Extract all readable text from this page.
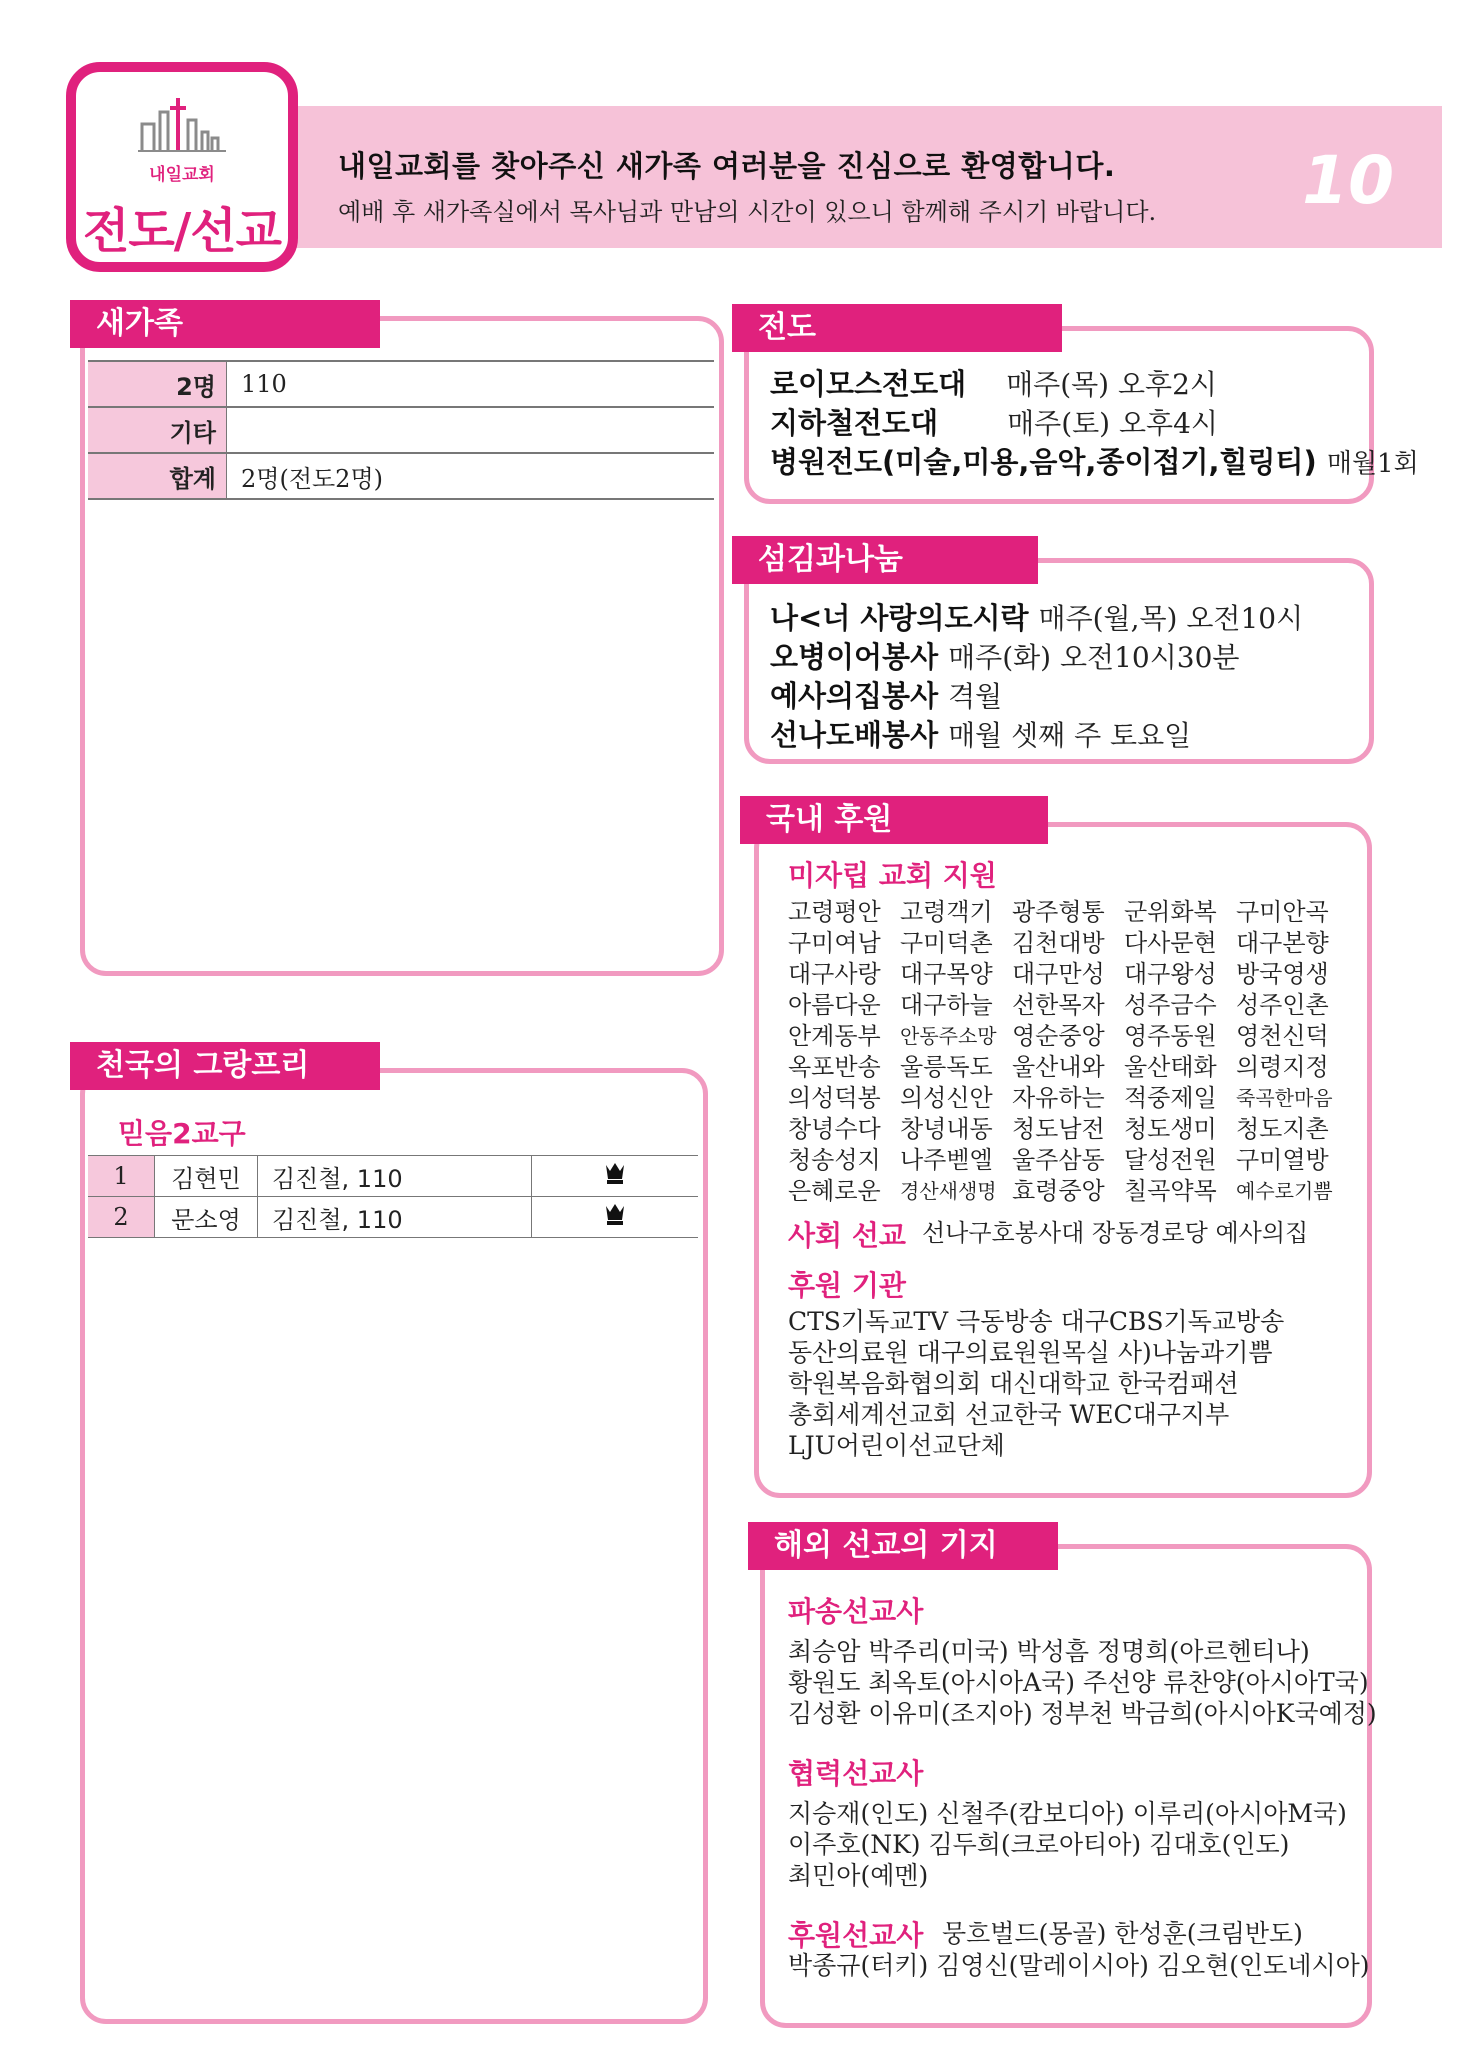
내일교회를 찾아주신 새가족 여러분을 진심으로 환영합니다.
예배 후 새가족실에서 목사님과 만남의 시간이 있으니 함께해 주시기 바랍니다. 10
내일교회
전도/선교
새가족
2명	110
기타	
합계	2명(전도2명)
천국의 그랑프리
믿음2교구
1	김현민	김진철, 110	
2	문소영	김진철, 110	
전도
로이모스전도대 매주(목) 오후2시
지하철전도대 매주(토) 오후4시
병원전도(미술,미용,음악,종이접기,힐링티) 매월1회
섬김과나눔
나<너 사랑의도시락 매주(월,목) 오전10시
오병이어봉사 매주(화) 오전10시30분
예사의집봉사 격월
선나도배봉사 매월 셋째 주 토요일
국내 후원
미자립 교회 지원
고령평안 고령객기 광주형통 군위화복 구미안곡
구미여남 구미덕촌 김천대방 다사문현 대구본향
대구사랑 대구목양 대구만성 대구왕성 방국영생
아름다운 대구하늘 선한목자 성주금수 성주인촌
안계동부 안동주소망 영순중앙 영주동원 영천신덕
옥포반송 울릉독도 울산내와 울산태화 의령지정
의성덕봉 의성신안 자유하는 적중제일 죽곡한마음
창녕수다 창녕내동 청도남전 청도생미 청도지촌
청송성지 나주벧엘 울주삼동 달성전원 구미열방
은혜로운 경산새생명 효령중앙 칠곡약목 예수로기쁨
사회 선교 선나구호봉사대 장동경로당 예사의집
후원 기관
CTS기독교TV 극동방송 대구CBS기독교방송
동산의료원 대구의료원원목실 사)나눔과기쁨
학원복음화협의회 대신대학교 한국컴패션
총회세계선교회 선교한국 WEC대구지부
LJU어린이선교단체
해외 선교의 기지
파송선교사
최승암 박주리(미국) 박성흠 정명희(아르헨티나)
황원도 최옥토(아시아A국) 주선양 류찬양(아시아T국)
김성환 이유미(조지아) 정부천 박금희(아시아K국예정)
협력선교사
지승재(인도) 신철주(캄보디아) 이루리(아시아M국)
이주호(NK) 김두희(크로아티아) 김대호(인도)
최민아(예멘)
후원선교사 뭉흐벌드(몽골) 한성훈(크림반도)
박종규(터키) 김영신(말레이시아) 김오현(인도네시아)
